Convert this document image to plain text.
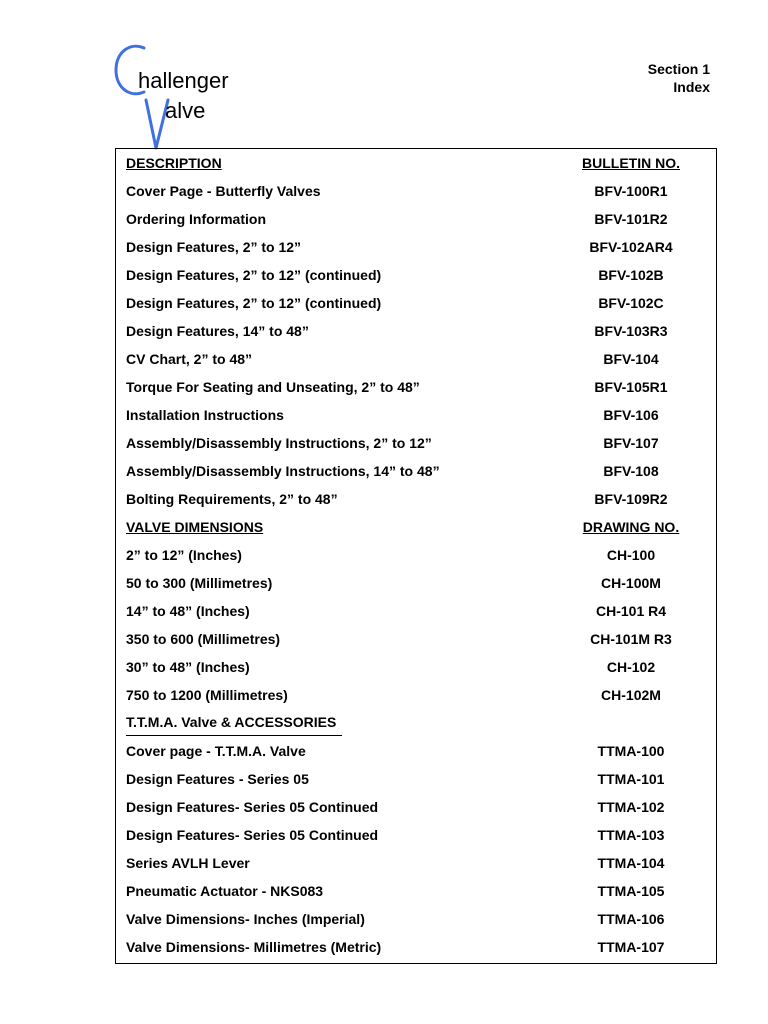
hallenger
alve
Section 1
Index
DESCRIPTION	BULLETIN NO.
Cover Page - Butterfly Valves	BFV-100R1
Ordering Information	BFV-101R2
Design Features, 2” to 12”	BFV-102AR4
Design Features, 2” to 12” (continued)	BFV-102B
Design Features, 2” to 12” (continued)	BFV-102C
Design Features, 14” to 48”	BFV-103R3
CV Chart, 2” to 48”	BFV-104
Torque For Seating and Unseating, 2” to 48”	BFV-105R1
Installation Instructions	BFV-106
Assembly/Disassembly Instructions, 2” to 12”	BFV-107
Assembly/Disassembly Instructions, 14” to 48”	BFV-108
Bolting Requirements, 2” to 48”	BFV-109R2
VALVE DIMENSIONS	DRAWING NO.
2” to 12” (Inches)	CH-100
50 to 300 (Millimetres)	CH-100M
14” to 48” (Inches)	CH-101 R4
350 to 600 (Millimetres)	CH-101M R3
30” to 48” (Inches)	CH-102
750 to 1200 (Millimetres)	CH-102M
T.T.M.A. Valve & ACCESSORIES
Cover page - T.T.M.A. Valve	TTMA-100
Design Features - Series 05	TTMA-101
Design Features- Series 05 Continued	TTMA-102
Design Features- Series 05 Continued	TTMA-103
Series AVLH Lever	TTMA-104
Pneumatic Actuator - NKS083	TTMA-105
Valve Dimensions- Inches (Imperial)	TTMA-106
Valve Dimensions- Millimetres (Metric)	TTMA-107
